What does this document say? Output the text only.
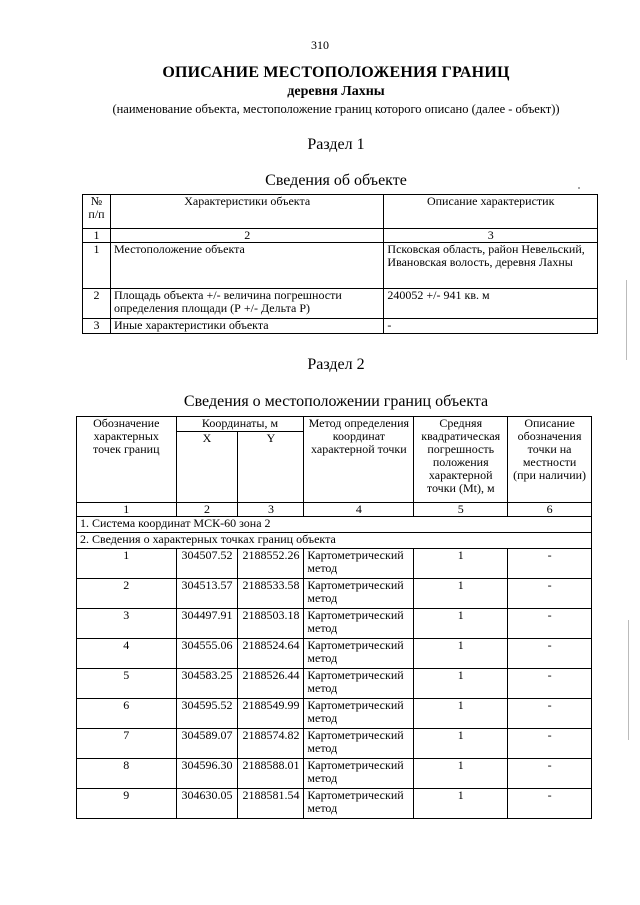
310
ОПИСАНИЕ МЕСТОПОЛОЖЕНИЯ ГРАНИЦ
деревня Лахны
(наименование объекта, местоположение границ которого описано (далее - объект))
Раздел 1
Сведения об объекте
№ п/п	Характеристики объекта	Описание характеристик
1	2	3
1	Местоположение объекта	Псковская область, район Невельский, Ивановская волость, деревня Лахны
2	Площадь объекта +/- величина погрешности определения площади (Р +/- Дельта Р)	240052 +/- 941 кв. м
3	Иные характеристики объекта	-
Раздел 2
Сведения о местоположении границ объекта
Обозначение характерных точек границ	Координаты, м		Метод определения координат характерной точки	Средняя квадратическая погрешность положения характерной точки (Мt), м	Описание обозначения точки на местности (при наличии)
	X	Y			
1	2	3	4	5	6
1. Система координат МСК-60 зона 2					
2. Сведения о характерных точках границ объекта					
1	304507.52	2188552.26	Картометрический метод	1	-
2	304513.57	2188533.58	Картометрический метод	1	-
3	304497.91	2188503.18	Картометрический метод	1	-
4	304555.06	2188524.64	Картометрический метод	1	-
5	304583.25	2188526.44	Картометрический метод	1	-
6	304595.52	2188549.99	Картометрический метод	1	-
7	304589.07	2188574.82	Картометрический метод	1	-
8	304596.30	2188588.01	Картометрический метод	1	-
9	304630.05	2188581.54	Картометрический метод	1	-
